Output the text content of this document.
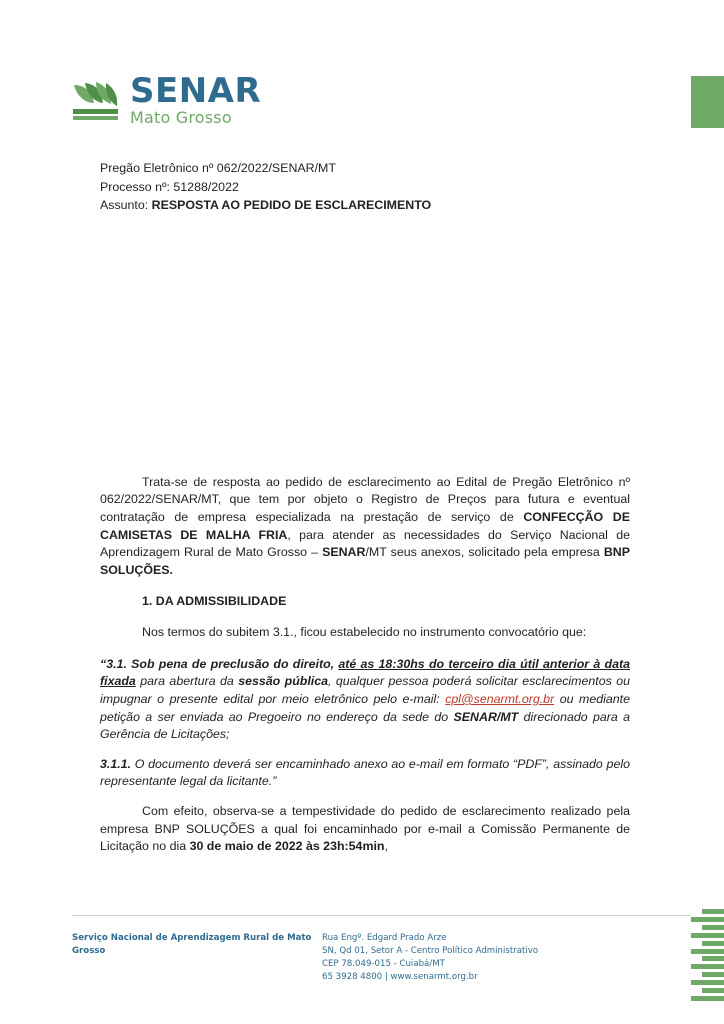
SENAR
Mato Grosso

Pregão Eletrônico nº 062/2022/SENAR/MT

Processo nº: 51288/2022

Assunto: RESPOSTA AO PEDIDO DE ESCLARECIMENTO

Trata-se de resposta ao pedido de esclarecimento ao Edital de Pregão Eletrônico nº 062/2022/SENAR/MT, que tem por objeto o Registro de Preços para futura e eventual contratação de empresa especializada na prestação de serviço de CONFECÇÃO DE CAMISETAS DE MALHA FRIA, para atender as necessidades do Serviço Nacional de Aprendizagem Rural de Mato Grosso – SENAR/MT seus anexos, solicitado pela empresa BNP SOLUÇÕES.

1. DA ADMISSIBILIDADE

Nos termos do subitem 3.1., ficou estabelecido no instrumento convocatório que:

“3.1. Sob pena de preclusão do direito, até as 18:30hs do terceiro dia útil anterior à data fixada para abertura da sessão pública, qualquer pessoa poderá solicitar esclarecimentos ou impugnar o presente edital por meio eletrônico pelo e-mail: cpl@senarmt.org.br ou mediante petição a ser enviada ao Pregoeiro no endereço da sede do SENAR/MT direcionado para a Gerência de Licitações;

3.1.1. O documento deverá ser encaminhado anexo ao e-mail em formato “PDF”, assinado pelo representante legal da licitante.”

Com efeito, observa-se a tempestividade do pedido de esclarecimento realizado pela empresa BNP SOLUÇÕES a qual foi encaminhado por e-mail a Comissão Permanente de Licitação no dia 30 de maio de 2022 às 23h:54min,

Serviço Nacional de Aprendizagem Rural de Mato Grosso
Rua Engº. Edgard Prado Arze
SN, Qd 01, Setor A - Centro Político Administrativo
CEP 78.049-015 - Cuiabá/MT
65 3928 4800 | www.senarmt.org.br
